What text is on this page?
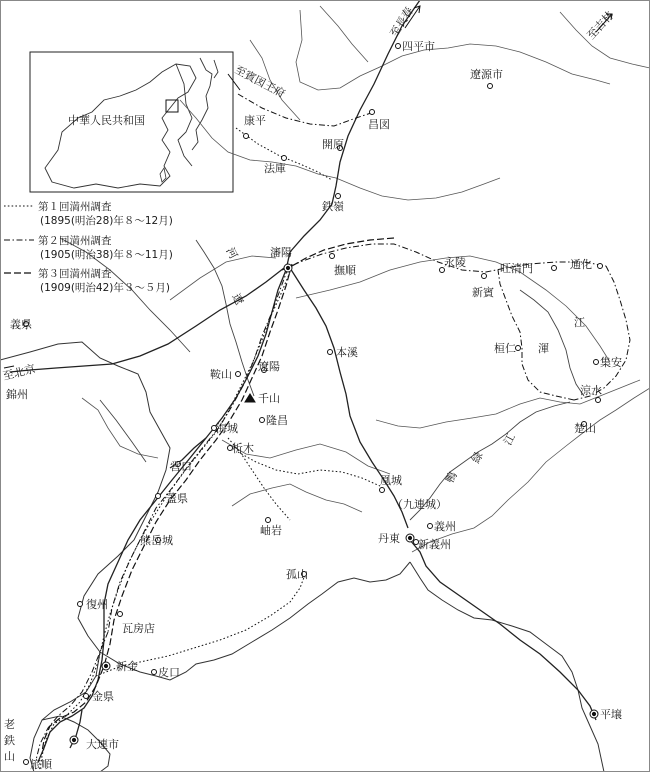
中華人民共和国
第１回満州調査
(1895(明治28)年８～12月)
第２回満州調査
(1905(明治38)年８～11月)
第３回満州調査
(1909(明治42)年３～５月)
至長春	至吉林
至賓図王府
至北京
河
遼
渾
江
鴨
緑
江
四平市
遼源市
昌図
康平
開原
法庫
鉄嶺
瀋陽
撫順
永陵
新賓
旺清門	通化
義県
錦州
本溪	桓仁
集安
鞍山
遼陽
千山
隆昌
涼水
海城
析木
楚山
営口
蓋県
凰城
（九連城）
義州
熊岳城
岫岩
丹東 新義州
孤山
復州
瓦房店
新金 皮口
金県
大連市
平壌
老
鉄
山
旅順
